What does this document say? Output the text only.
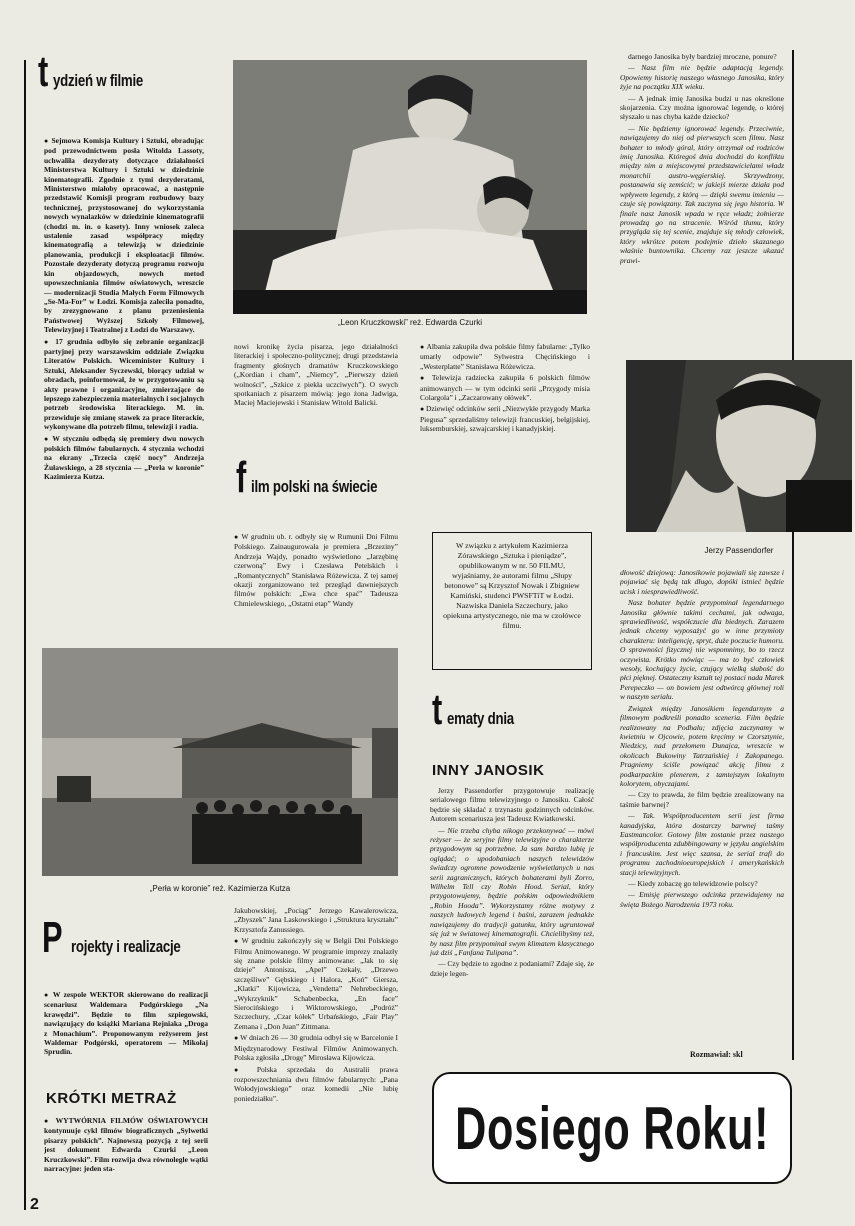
t ydzień w filmie

● Sejmowa Komisja Kultury i Sztuki, obradując pod przewodnictwem posła Witolda Lassoty, uchwaliła dezyderaty dotyczące działalności Ministerstwa Kultury i Sztuki w dziedzinie kinematografii. Zgodnie z tymi dezyderatami, Ministerstwo miałoby opracować, a następnie przedstawić Komisji program rozbudowy bazy technicznej, przystosowanej do wykorzystania nowych wynalazków w dziedzinie kinematografii (chodzi m. in. o kasety). Inny wniosek zaleca ustalenie zasad współpracy między kinematografią a telewizją w dziedzinie planowania, produkcji i eksploatacji filmów. Pozostałe dezyderaty dotyczą programu rozwoju kin objazdowych, nowych metod upowszechniania filmów oświatowych, wreszcie — modernizacji Studia Małych Form Filmowych „Se-Ma-For” w Łodzi. Komisja zaleciła ponadto, by zrezygnowano z planu przeniesienia Państwowej Wyższej Szkoły Filmowej, Telewizyjnej i Teatralnej z Łodzi do Warszawy.

● 17 grudnia odbyło się zebranie organizacji partyjnej przy warszawskim oddziale Związku Literatów Polskich. Wiceminister Kultury i Sztuki, Aleksander Syczewski, biorący udział w obradach, poinformował, że w przygotowaniu są akty prawne i organizacyjne, zmierzające do lepszego zabezpieczenia materialnych i socjalnych potrzeb środowiska literackiego. M. in. przewiduje się zmianę stawek za prace literackie, wykonywane dla potrzeb filmu, telewizji i radia.

● W styczniu odbędą się premiery dwu nowych polskich filmów fabularnych. 4 stycznia wchodzi na ekrany „Trzecia część nocy” Andrzeja Żuławskiego, a 28 stycznia — „Perła w koronie” Kazimierza Kutza.

„Leon Kruczkowski” reż. Edwarda Czurki

nowi kronikę życia pisarza, jego działalności literackiej i społeczno-politycznej; drugi przedstawia fragmenty głośnych dramatów Kruczkowskiego („Kordian i cham”, „Niemcy”, „Pierwszy dzień wolności”, „Szkice z piekła uczciwych”). O swych spotkaniach z pisarzem mówią: jego żona Jadwiga, Maciej Maciejewski i Stanisław Witold Balicki.

f ilm polski na świecie

● W grudniu ub. r. odbyły się w Rumunii Dni Filmu Polskiego. Zainaugurowała je premiera „Brzeziny” Andrzeja Wajdy, ponadto wyświetlono „Jarzębinę czerwoną” Ewy i Czesława Petelskich i „Romantycznych” Stanisława Różewicza. Z tej samej okazji zorganizowano też przegląd dawniejszych filmów polskich: „Ewa chce spać” Tadeusza Chmielewskiego, „Ostatni etap” Wandy

● Albania zakupiła dwa polskie filmy fabularne: „Tylko umarły odpowie” Sylwestra Chęcińskiego i „Westerplatte” Stanisława Różewicza.

● Telewizja radziecka zakupiła 6 polskich filmów animowanych — w tym odcinki serii „Przygody misia Colargola” i „Zaczarowany ołówek”.

● Dziewięć odcinków serii „Niezwykłe przygody Marka Piegusa” sprzedaliśmy telewizji francuskiej, belgijskiej, luksemburskiej, szwajcarskiej i kanadyjskiej.

W związku z artykułem Kazimierza Zórawskiego „Sztuka i pieniądze”, opublikowanym w nr. 50 FILMU, wyjaśniamy, że autorami filmu „Słupy betonowe” są Krzysztof Nowak i Zbigniew Kamiński, studenci PWSFTiT w Łodzi. Nazwiska Daniela Szczechury, jako opiekuna artystycznego, nie ma w czołówce filmu.
„Perła w koronie” reż. Kazimierza Kutza
P rojekty i realizacje

● W zespole WEKTOR skierowano do realizacji scenariusz Waldemara Podgórskiego „Na krawędzi”. Będzie to film szpiegowski, nawiązujący do książki Mariana Rejniaka „Droga z Monachium”. Proponowanym reżyserem jest Waldemar Podgórski, operatorem — Mikołaj Sprudin.

KRÓTKI METRAŻ

● WYTWÓRNIA FILMÓW OŚWIATOWYCH kontynuuje cykl filmów biograficznych „Sylwetki pisarzy polskich”. Najnowszą pozycją z tej serii jest dokument Edwarda Czurki „Leon Kruczkowski”. Film rozwija dwa równolegle wątki narracyjne: jeden sta-

Jakubowskiej, „Pociąg” Jerzego Kawalerowicza, „Zbyszek” Jana Laskowskiego i „Struktura kryształu” Krzysztofa Zanussiego.

● W grudniu zakończyły się w Belgii Dni Polskiego Filmu Animowanego. W programie imprezy znalazły się znane polskie filmy animowane: „Jak to się dzieje” Antoniszа, „Apel” Czekały, „Drzewo szczęśliwe” Gębskiego i Halora, „Koń” Giersza, „Klatki” Kijowicza, „Vendetta” Nehrebeckiego, „Wykrzyknik” Schabenbecka, „En face” Sierocińskiego i Wiktorowskiego, „Podróż” Szczechury, „Czar kółek” Urbańskiego, „Fair Play” Zemana i „Don Juan” Zittmana.

● W dniach 26 — 30 grudnia odbył się w Barcelonie I Międzynarodowy Festiwal Filmów Animowanych. Polska zgłosiła „Drogę” Mirosława Kijowicza.

● Polska sprzedała do Australii prawa rozpowszechniania dwu filmów fabularnych: „Pana Wołodyjowskiego” oraz komedii „Nie lubię poniedziałku”.

t ematy dnia
INNY JANOSIK

Jerzy Passendorfer przygotowuje realizację serialowego filmu telewizyjnego o Janosiku. Całość będzie się składać z trzynastu godzinnych odcinków. Autorem scenariusza jest Tadeusz Kwiatkowski.

— Nie trzeba chyba nikogo przekonywać — mówi reżyser — że seryjne filmy telewizyjne o charakterze przygodowym są potrzebne. Ja sam bardzo lubię je oglądać; o upodobaniach naszych telewidzów świadczy ogromne powodzenie wyświetlanych u nas serii zagranicznych, których bohaterami byli Zorro, Wilhelm Tell czy Robin Hood. Serial, który przygotowujemy, będzie polskim odpowiednikiem „Robin Hooda”. Wykorzystamy różne motywy z naszych ludowych legend i baśni, zarazem jednakże nawiązujemy do tradycji gatunku, który ugruntował się już w światowej kinematografii. Chcielibyśmy też, by nasz film przypominał swym klimatem klasycznego już dziś „Fanfana Tulipana”.

— Czy będzie to zgodne z podaniami? Zdaje się, że dzieje legen-

darnego Janosika były bardziej mroczne, ponure?

— Nasz film nie będzie adaptacją legendy. Opowiemy historię naszego własnego Janosika, który żyje na początku XIX wieku.

— A jednak imię Janosika budzi u nas określone skojarzenia. Czy można ignorować legendę, o której słyszało u nas chyba każde dziecko?

— Nie będziemy ignorować legendy. Przeciwnie, nawiązujemy do niej od pierwszych scen filmu. Nasz bohater to młody góral, który otrzymał od rodziców imię Janosika. Któregoś dnia dochodzi do konfliktu między nim a miejscowymi przedstawicielami władz monarchii austro-węgierskiej. Skrzywdzony, postanawia się zemścić; w jakiejś mierze działa pod wpływem legendy, z którą — dzięki swemu imieniu — czuje się powiązany. Tak zaczyna się jego historia. W finale nasz Janosik wpada w ręce władz; żołnierze prowadzą go na stracenie. Wśród tłumu, który przygląda się tej scenie, znajduje się młody człowiek, który wkrótce potem podejmie dzieło skazanego właśnie buntownika. Chcemy raz jeszcze ukazać prawi-

Jerzy Passendorfer

dłowość dziejową: Janosikowie pojawiali się zawsze i pojawiać się będą tak długo, dopóki istnieć będzie ucisk i niesprawiedliwość.

Nasz bohater będzie przypominał legendarnego Janosika głównie takimi cechami, jak odwaga, sprawiedliwość, współczucie dla biednych. Zarazem jednak chcemy wyposażyć go w inne przymioty charakteru: inteligencję, spryt, duże poczucie humoru. O sprawności fizycznej nie wspomnimy, bo to rzecz oczywista. Krótko mówiąc — ma to być człowiek wesoły, kochający życie, czujący wielką słabość do płci pięknej. Ostateczny kształt tej postaci nada Marek Perepeczko — on bowiem jest odtwórcą głównej roli w naszym serialu.

Związek między Janosikiem legendarnym a filmowym podkreśli ponadto sceneria. Film będzie realizowany na Podhalu; zdjęcia zaczynamy w kwietniu w Ojcowie, potem kręcimy w Czorsztynie, Niedzicy, nad przełomem Dunajca, wreszcie w okolicach Bukowiny Tatrzańskiej i Zakopanego. Pragniemy ściśle powiązać akcję filmu z podkarpackim plenerem, z tamtejszym lokalnym kolorytem, obyczajami.

— Czy to prawda, że film będzie zrealizowany na taśmie barwnej?

— Tak. Współproducentem serii jest firma kanadyjska, która dostarczy barwnej taśmy Eastmancolor. Gotowy film zostanie przez naszego współproducenta zdubbingowany w języku angielskim i francuskim. Jest więc szansa, że serial trafi do programu zachodnioeuropejskich i amerykańskich stacji telewizyjnych.

— Kiedy zobaczę go telewidzowie polscy?

— Emisję pierwszego odcinka przewidujemy na święta Bożego Narodzenia 1973 roku.

Rozmawiał: skl
Dosiego Roku!
2
